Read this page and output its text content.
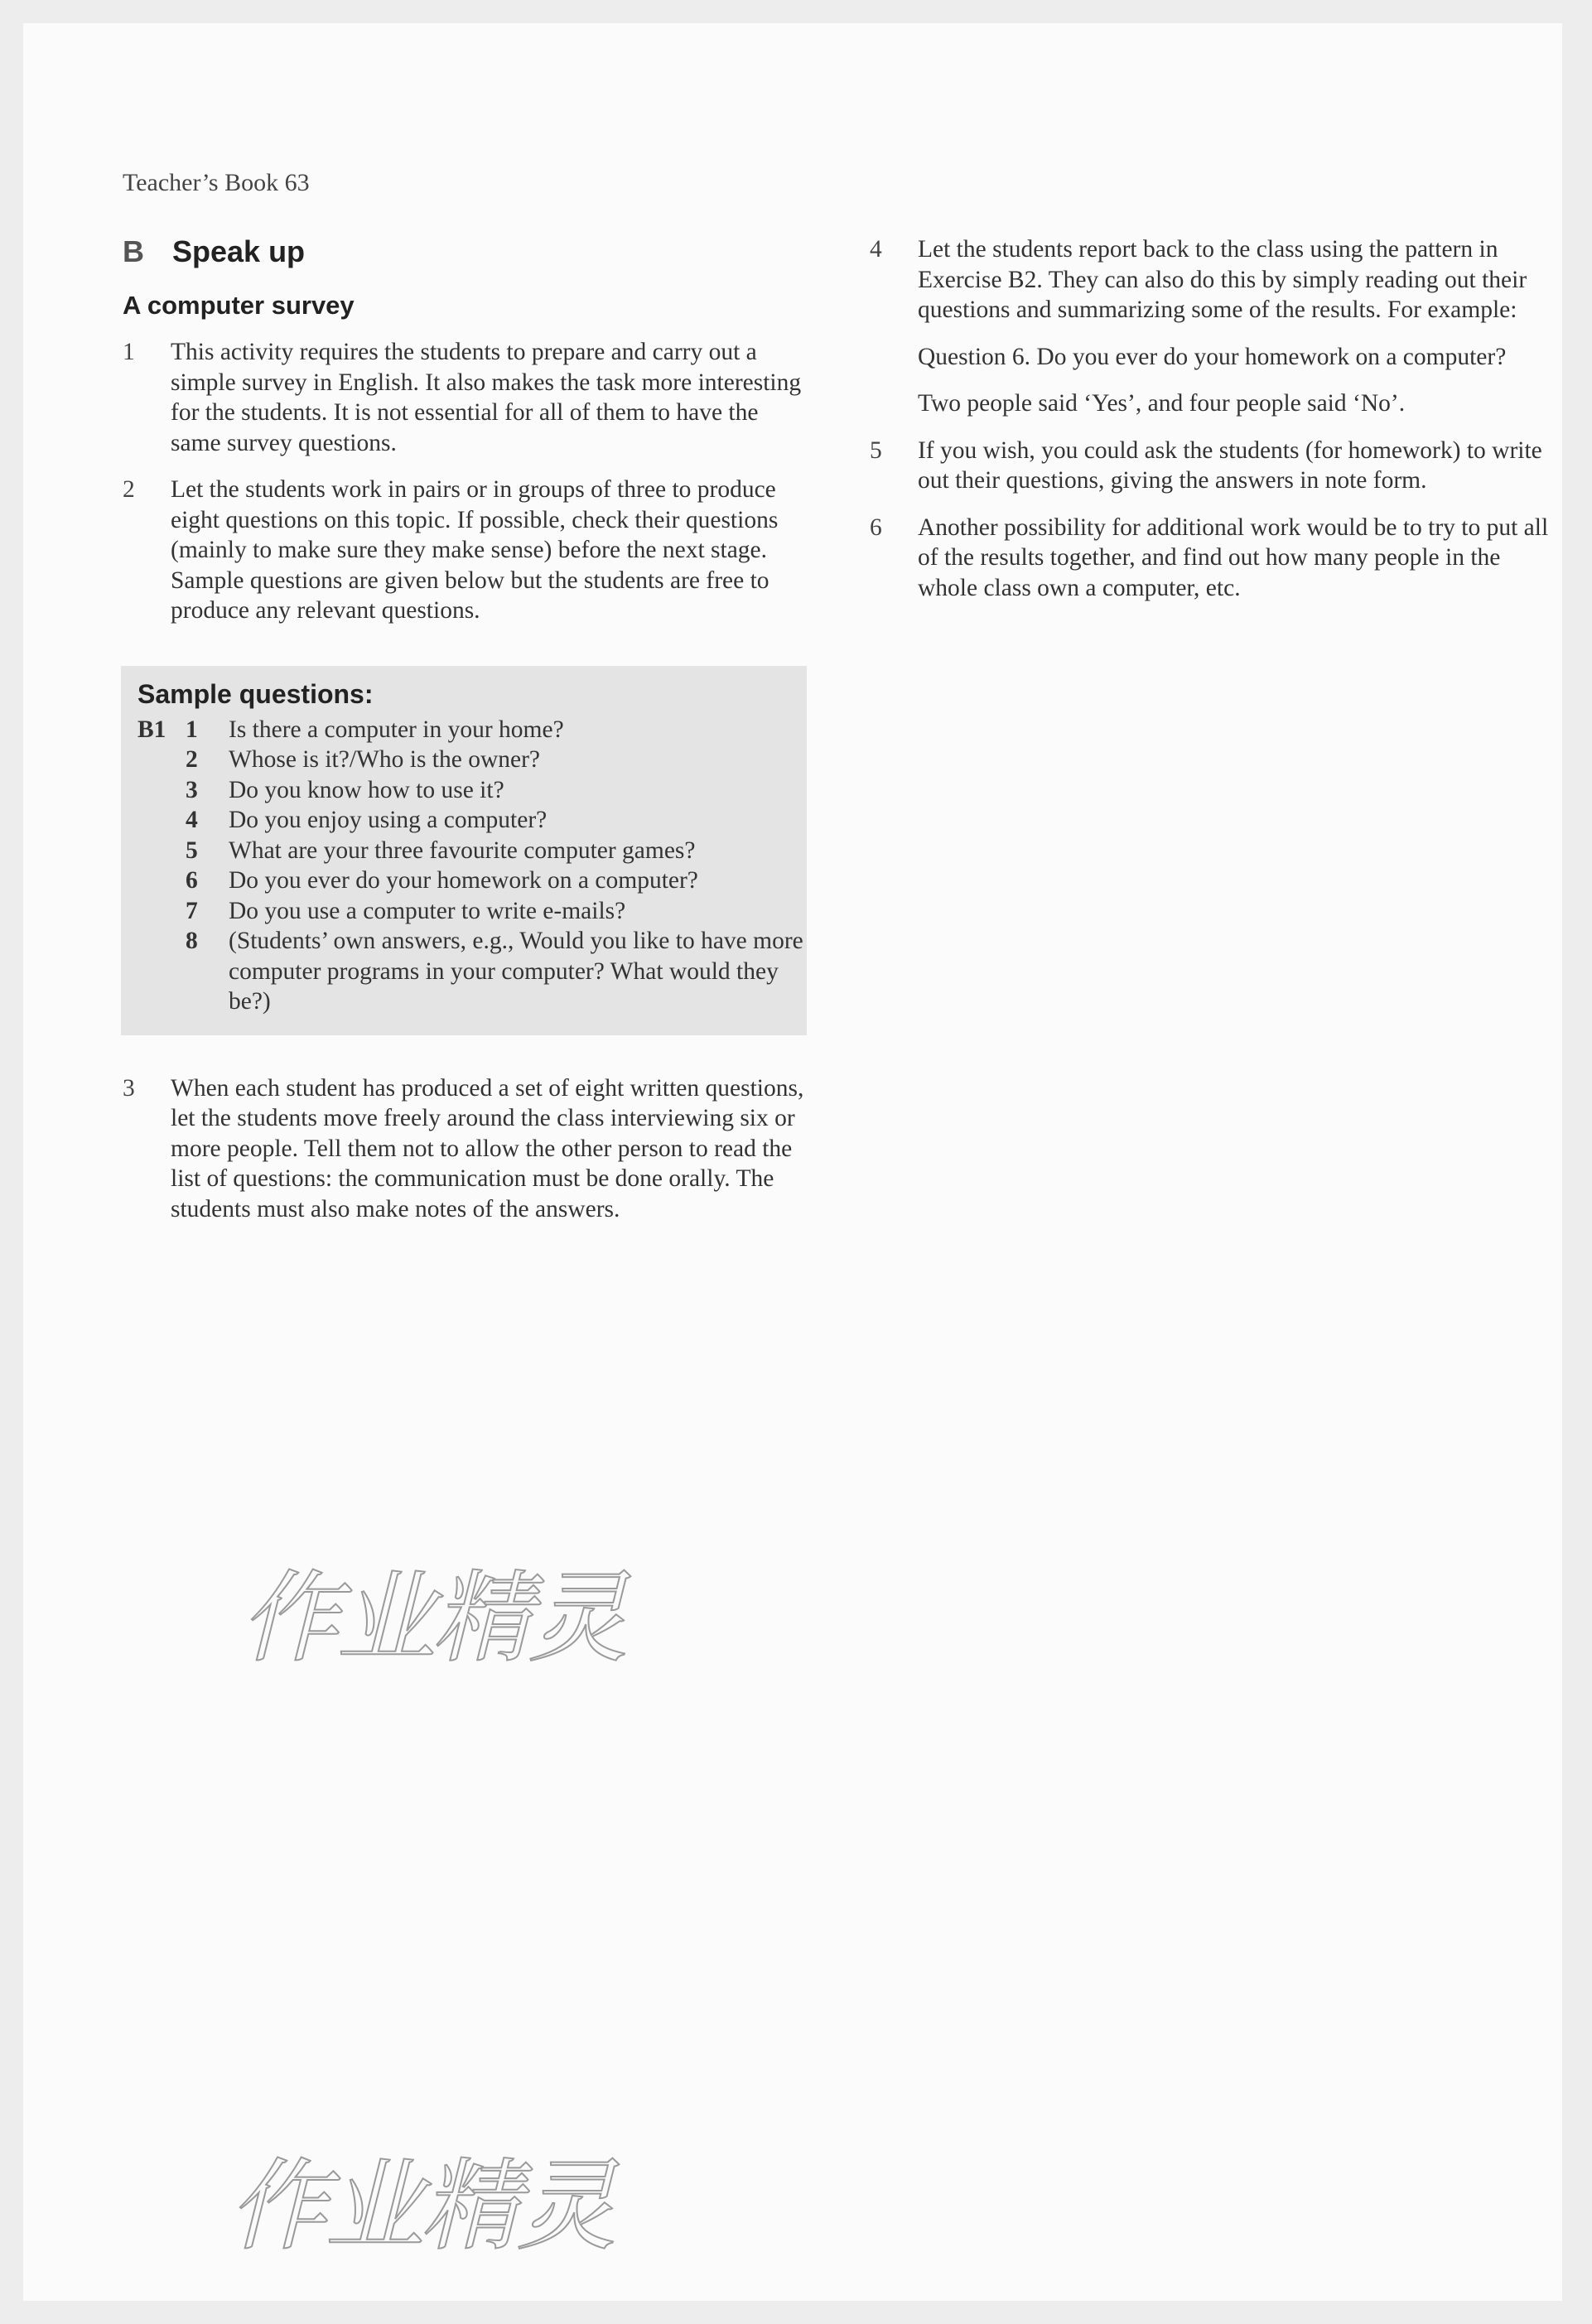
Teacher’s Book 63
B Speak up
A computer survey
1	This activity requires the students to prepare and carry out a simple survey in English. It also makes the task more interesting for the students. It is not essential for all of them to have the same survey questions.
2	Let the students work in pairs or in groups of three to produce eight questions on this topic. If possible, check their questions (mainly to make sure they make sense) before the next stage. Sample questions are given below but the students are free to produce any relevant questions.
Sample questions:
B1 1	Is there a computer in your home?
2	Whose is it?/Who is the owner?
3	Do you know how to use it?
4	Do you enjoy using a computer?
5	What are your three favourite computer games?
6	Do you ever do your homework on a computer?
7	Do you use a computer to write e-mails?
8	(Students’ own answers, e.g., Would you like to have more computer programs in your computer? What would they be?)
3	When each student has produced a set of eight written questions, let the students move freely around the class interviewing six or more people. Tell them not to allow the other person to read the list of questions: the communication must be done orally. The students must also make notes of the answers.
4	Let the students report back to the class using the pattern in Exercise B2. They can also do this by simply reading out their questions and summarizing some of the results. For example:

Question 6. Do you ever do your homework on a computer?

Two people said ‘Yes’, and four people said ‘No’.

5	If you wish, you could ask the students (for homework) to write out their questions, giving the answers in note form.
6	Another possibility for additional work would be to try to put all of the results together, and find out how many people in the whole class own a computer, etc.
作业精灵
作业精灵
